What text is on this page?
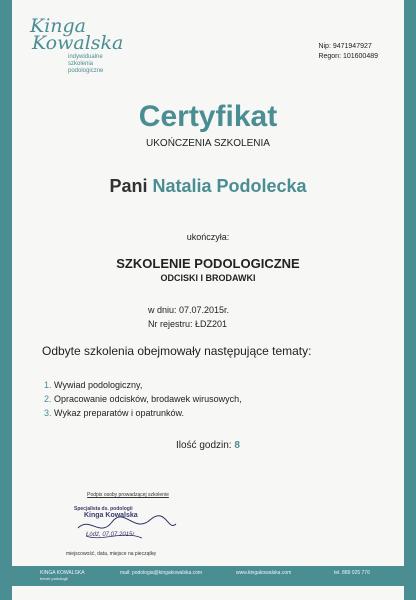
Kinga
Kowalska
indywidualne
szkolenia
podologiczne
Nip: 9471947927
Regon: 101600489
Certyfikat
UKOŃCZENIA SZKOLENIA
Pani Natalia Podolecka
ukończyła:
SZKOLENIE PODOLOGICZNE
ODCISKI I BRODAWKI
w dniu: 07.07.2015r.
Nr rejestru: ŁDZ201
Odbyte szkolenia obejmowały następujące tematy:
1. Wywiad podologiczny,
2. Opracowanie odcisków, brodawek wirusowych,
3. Wykaz preparatów i opatrunków.
Ilość godzin: 8
Podpis osoby prowadzącej szkolenie
Specjalista ds. podologii
Kinga Kowalska
Łódź, 07.07.2015r.
miejscowość, data, miejsce na pieczątkę
KINGA KOWALSKA
trener podologii
mail: podologia@kingakowalska.com	www.kingakowalska.com	tel. 889 025 776
